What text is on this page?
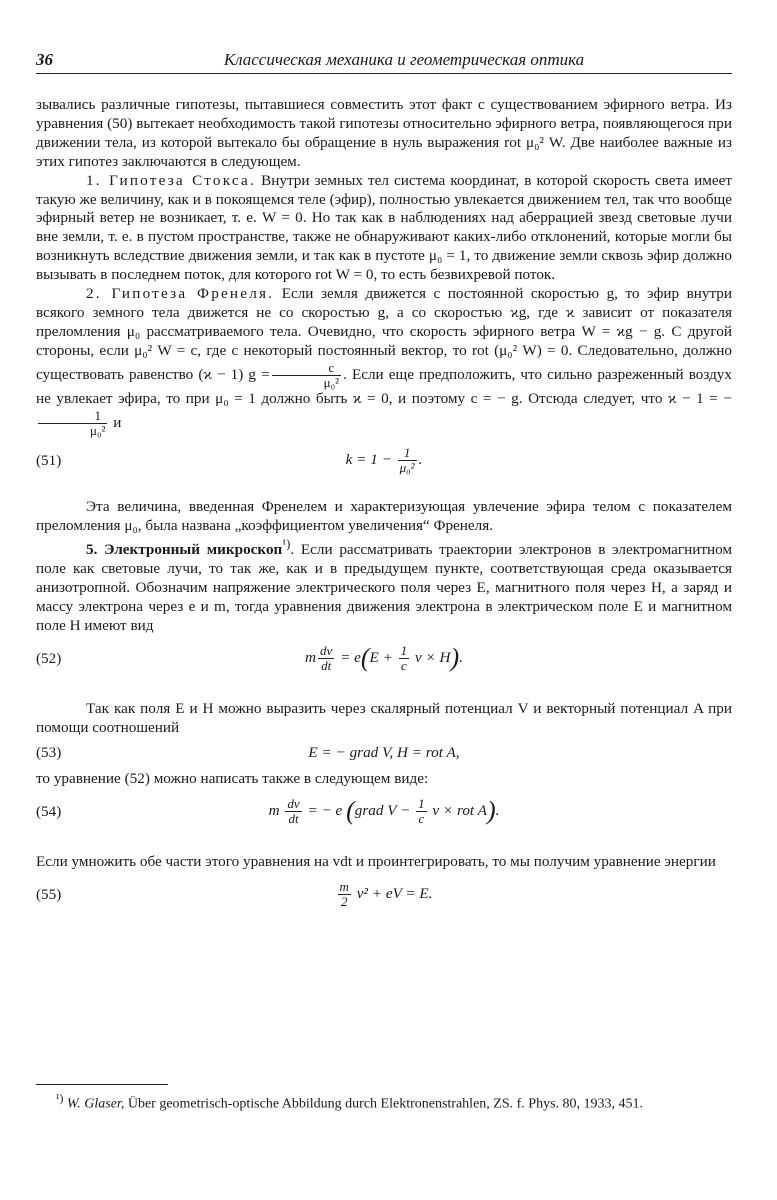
36	Классическая механика и геометрическая оптика

зывались различные гипотезы, пытавшиеся совместить этот факт с существованием эфирного ветра. Из уравнения (50) вытекает необходимость такой гипотезы относительно эфирного ветра, появляющегося при движении тела, из которой вытекало бы обращение в нуль выражения rot μ₀² W. Две наиболее важные из этих гипотез заключаются в следующем.

1. Гипотеза Стокса. Внутри земных тел система координат, в которой скорость света имеет такую же величину, как и в покоящемся теле (эфир), полностью увлекается движением тел, так что вообще эфирный ветер не возникает, т. е. W = 0. Но так как в наблюдениях над аберрацией звезд световые лучи вне земли, т. е. в пустом пространстве, также не обнаруживают каких-либо отклонений, которые могли бы возникнуть вследствие движения земли, и так как в пустоте μ₀ = 1, то движение земли сквозь эфир должно вызывать в последнем поток, для которого rot W = 0, то есть безвихревой поток.

2. Гипотеза Френеля. Если земля движется с постоянной скоростью g, то эфир внутри всякого земного тела движется не со скоростью g, а со скоростью ϰg, где ϰ зависит от показателя преломления μ₀ рассматриваемого тела. Очевидно, что скорость эфирного ветра W = ϰg − g. С другой стороны, если μ₀² W = c, где c некоторый постоянный вектор, то rot (μ₀² W) = 0. Следовательно, должно существовать равенство (ϰ − 1) $g = \frac{c}{\text{μ₀²}}$ . Если еще предположить, что сильно разреженный воздух не увлекает эфира, то при μ₀ = 1 должно быть ϰ = 0, и поэтому c = − g. Отсюда следует, что ϰ − 1 = −
$\frac{1}{\text{μ₀²}}$ и

(51)	$k = 1 - \frac{1}{\text{μ₀²}}$ .

Эта величина, введенная Френелем и характеризующая увлечение эфира телом с показателем преломления μ₀, была названа „коэффициентом увеличения“ Френеля.

5. Электронный микроскоп$^{^1)}$. Если рассматривать траектории электронов в электромагнитном поле как световые лучи, то так же, как и в предыдущем пункте, соответствующая среда оказывается анизотропной. Обозначим напряжение электрического поля через E, магнитного поля через H, а заряд и массу электрона через e и m, тогда уравнения движения электрона в электрическом поле E и магнитном поле H имеют вид

(52)	m $\frac{dv}{dt} = e(E + \frac{1}{c}$ v × H).

Так как поля E и H можно выразить через скалярный потенциал V и векторный потенциал A при помощи соотношений

(53)	E = − grad V, H = rot A,

то уравнение (52) можно написать также в следующем виде:

(54)	m $\frac{dv}{dt}$ = − e (grad $V - \frac{1}{c}$ v × rot A).

Если умножить обе части этого уравнения на vdt и проинтегрировать, то мы получим уравнение энергии

(55)	$\frac{m}{2} v^2$ + eV = E.

$^{^1)}$ W. Glaser, Über geometrisch-optische Abbildung durch Elektronenstrahlen, ZS. f. Phys. 80, 1933, 451.
